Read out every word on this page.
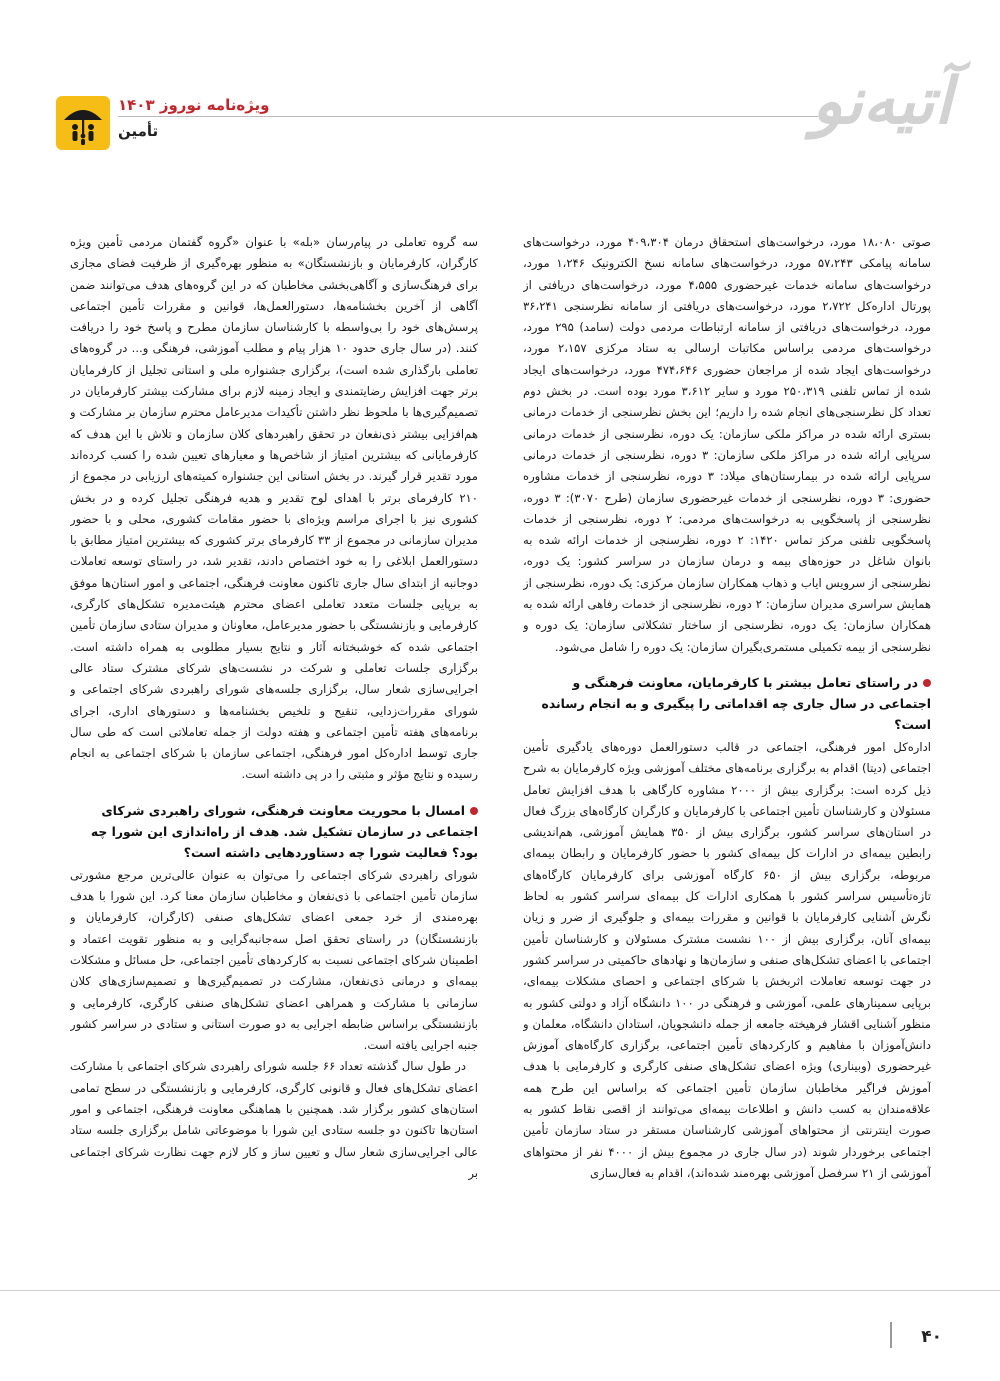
ویژه‌نامه نوروز ۱۴۰۳
تأمین	آتیه‌نو

صوتی ۱۸،۰۸۰ مورد، درخواست‌های استحقاق درمان ۴۰۹،۳۰۴ مورد، درخواست‌های سامانه پیامکی ۵۷،۲۴۳ مورد، درخواست‌های سامانه نسخ الکترونیک ۱،۲۴۶ مورد، درخواست‌های سامانه خدمات غیرحضوری ۴،۵۵۵ مورد، درخواست‌های دریافتی از پورتال اداره‌کل ۲،۷۲۲ مورد، درخواست‌های دریافتی از سامانه نظرسنجی ۳۶،۲۴۱ مورد، درخواست‌های دریافتی از سامانه ارتباطات مردمی دولت (سامد) ۲۹۵ مورد، درخواست‌های مردمی براساس مکاتبات ارسالی به ستاد مرکزی ۲،۱۵۷ مورد، درخواست‌های ایجاد شده از مراجعان حضوری ۴۷۴،۶۴۶ مورد، درخواست‌های ایجاد شده از تماس تلفنی ۲۵۰،۳۱۹ مورد و سایر ۳،۶۱۲ مورد بوده است. در بخش دوم تعداد کل نظرسنجی‌های انجام شده را داریم؛ این بخش نظرسنجی از خدمات درمانی بستری ارائه شده در مراکز ملکی سازمان: یک دوره، نظرسنجی از خدمات درمانی سرپایی ارائه شده در مراکز ملکی سازمان: ۳ دوره، نظرسنجی از خدمات درمانی سرپایی ارائه شده در بیمارستان‌های میلاد: ۳ دوره، نظرسنجی از خدمات مشاوره حضوری: ۳ دوره، نظرسنجی از خدمات غیرحضوری سازمان (طرح ۳۰۷۰): ۳ دوره، نظرسنجی از پاسخگویی به درخواست‌های مردمی: ۲ دوره، نظرسنجی از خدمات پاسخگویی تلفنی مرکز تماس ۱۴۲۰: ۲ دوره، نظرسنجی از خدمات ارائه شده به بانوان شاغل در حوزه‌های بیمه و درمان سازمان در سراسر کشور: یک دوره، نظرسنجی از سرویس ایاب و ذهاب همکاران سازمان مرکزی: یک دوره، نظرسنجی از همایش سراسری مدیران سازمان: ۲ دوره، نظرسنجی از خدمات رفاهی ارائه شده به همکاران سازمان: یک دوره، نظرسنجی از ساختار تشکلاتی سازمان: یک دوره و نظرسنجی از بیمه تکمیلی مستمری‌بگیران سازمان: یک دوره را شامل می‌شود.

در راستای تعامل بیشتر با کارفرمایان، معاونت فرهنگی و اجتماعی در سال جاری چه اقداماتی را پیگیری و به انجام رسانده است؟

اداره‌کل امور فرهنگی، اجتماعی در قالب دستورالعمل دوره‌های یادگیری تأمین اجتماعی (دیتا) اقدام به برگزاری برنامه‌های مختلف آموزشی ویژه کارفرمایان به شرح ذیل کرده است: برگزاری بیش از ۲۰۰۰ مشاوره کارگاهی با هدف افزایش تعامل مسئولان و کارشناسان تأمین اجتماعی با کارفرمایان و کارگران کارگاه‌های بزرگ فعال در استان‌های سراسر کشور، برگزاری بیش از ۳۵۰ همایش آموزشی، هم‌اندیشی رابطین بیمه‌ای در ادارات کل بیمه‌ای کشور با حضور کارفرمایان و رابطان بیمه‌ای مربوطه، برگزاری بیش از ۶۵۰ کارگاه آموزشی برای کارفرمایان کارگاه‌های تازه‌تأسیس سراسر کشور با همکاری ادارات کل بیمه‌ای سراسر کشور به لحاظ نگرش آشنایی کارفرمایان با قوانین و مقررات بیمه‌ای و جلوگیری از ضرر و زیان بیمه‌ای آنان، برگزاری بیش از ۱۰۰ نشست مشترک مسئولان و کارشناسان تأمین اجتماعی با اعضای تشکل‌های صنفی و سازمان‌ها و نهادهای حاکمیتی در سراسر کشور در جهت توسعه تعاملات اثربخش با شرکای اجتماعی و احصای مشکلات بیمه‌ای، برپایی سمینارهای علمی، آموزشی و فرهنگی در ۱۰۰ دانشگاه آزاد و دولتی کشور به منظور آشنایی اقشار فرهیخته جامعه از جمله دانشجویان، استادان دانشگاه، معلمان و دانش‌آموزان با مفاهیم و کارکردهای تأمین اجتماعی، برگزاری کارگاه‌های آموزش غیرحضوری (وبیناری) ویژه اعضای تشکل‌های صنفی کارگری و کارفرمایی با هدف آموزش فراگیر مخاطبان سازمان تأمین اجتماعی که براساس این طرح همه علاقه‌مندان به کسب دانش و اطلاعات بیمه‌ای می‌توانند از اقصی نقاط کشور به صورت اینترنتی از محتواهای آموزشی کارشناسان مستقر در ستاد سازمان تأمین اجتماعی برخوردار شوند (در سال جاری در مجموع بیش از ۴۰۰۰ نفر از محتواهای آموزشی از ۲۱ سرفصل آموزشی بهره‌مند شده‌اند)، اقدام به فعال‌سازی

سه گروه تعاملی در پیام‌رسان «بله» با عنوان «گروه گفتمان مردمی تأمین ویژه کارگران، کارفرمایان و بازنشستگان» به منظور بهره‌گیری از ظرفیت فضای مجازی برای فرهنگ‌سازی و آگاهی‌بخشی مخاطبان که در این گروه‌های هدف می‌توانند ضمن آگاهی از آخرین بخشنامه‌ها، دستورالعمل‌ها، قوانین و مقررات تأمین اجتماعی پرسش‌های خود را بی‌واسطه با کارشناسان سازمان مطرح و پاسخ خود را دریافت کنند. (در سال جاری حدود ۱۰ هزار پیام و مطلب آموزشی، فرهنگی و... در گروه‌های تعاملی بارگذاری شده است)، برگزاری جشنواره ملی و استانی تجلیل از کارفرمایان برتر جهت افزایش رضایتمندی و ایجاد زمینه لازم برای مشارکت بیشتر کارفرمایان در تصمیم‌گیری‌ها با ملحوظ نظر داشتن تأکیدات مدیرعامل محترم سازمان بر مشارکت و هم‌افزایی بیشتر ذی‌نفعان در تحقق راهبردهای کلان سازمان و تلاش با این هدف که کارفرمایانی که بیشترین امتیاز از شاخص‌ها و معیارهای تعیین شده را کسب کرده‌اند مورد تقدیر قرار گیرند. در بخش استانی این جشنواره کمیته‌های ارزیابی در مجموع از ۲۱۰ کارفرمای برتر با اهدای لوح تقدیر و هدیه فرهنگی تجلیل کرده و در بخش کشوری نیز با اجرای مراسم ویژه‌ای با حضور مقامات کشوری، محلی و با حضور مدیران سازمانی در مجموع از ۳۳ کارفرمای برتر کشوری که بیشترین امتیاز مطابق با دستورالعمل ابلاغی را به خود اختصاص دادند، تقدیر شد، در راستای توسعه تعاملات دوجانبه از ابتدای سال جاری تاکنون معاونت فرهنگی، اجتماعی و امور استان‌ها موفق به برپایی جلسات متعدد تعاملی اعضای محترم هیئت‌مدیره تشکل‌های کارگری، کارفرمایی و بازنشستگی با حضور مدیرعامل، معاونان و مدیران ستادی سازمان تأمین اجتماعی شده که خوشبختانه آثار و نتایج بسیار مطلوبی به همراه داشته است. برگزاری جلسات تعاملی و شرکت در نشست‌های شرکای مشترک ستاد عالی اجرایی‌سازی شعار سال، برگزاری جلسه‌های شورای راهبردی شرکای اجتماعی و شورای مقررات‌زدایی، تنقیح و تلخیص بخشنامه‌ها و دستورهای اداری، اجرای برنامه‌های هفته تأمین اجتماعی و هفته دولت از جمله تعاملاتی است که طی سال جاری توسط اداره‌کل امور فرهنگی، اجتماعی سازمان با شرکای اجتماعی به انجام رسیده و نتایج مؤثر و مثبتی را در پی داشته است.

امسال با محوریت معاونت فرهنگی، شورای راهبردی شرکای اجتماعی در سازمان تشکیل شد. هدف از راه‌اندازی این شورا چه بود؟ فعالیت شورا چه دستاوردهایی داشته است؟

شورای راهبردی شرکای اجتماعی را می‌توان به عنوان عالی‌ترین مرجع مشورتی سازمان تأمین اجتماعی با ذی‌نفعان و مخاطبان سازمان معنا کرد. این شورا با هدف بهره‌مندی از خرد جمعی اعضای تشکل‌های صنفی (کارگران، کارفرمایان و بازنشستگان) در راستای تحقق اصل سه‌جانبه‌گرایی و به منظور تقویت اعتماد و اطمینان شرکای اجتماعی نسبت به کارکردهای تأمین اجتماعی، حل مسائل و مشکلات بیمه‌ای و درمانی ذی‌نفعان، مشارکت در تصمیم‌گیری‌ها و تصمیم‌سازی‌های کلان سازمانی با مشارکت و همراهی اعضای تشکل‌های صنفی کارگری، کارفرمایی و بازنشستگی براساس ضابطه اجرایی به دو صورت استانی و ستادی در سراسر کشور جنبه اجرایی یافته است.

در طول سال گذشته تعداد ۶۶ جلسه شورای راهبردی شرکای اجتماعی با مشارکت اعضای تشکل‌های فعال و قانونی کارگری، کارفرمایی و بازنشستگی در سطح تمامی استان‌های کشور برگزار شد. همچنین با هماهنگی معاونت فرهنگی، اجتماعی و امور استان‌ها تاکنون دو جلسه ستادی این شورا با موضوعاتی شامل برگزاری جلسه ستاد عالی اجرایی‌سازی شعار سال و تعیین ساز و کار لازم جهت نظارت شرکای اجتماعی بر

۴۰
